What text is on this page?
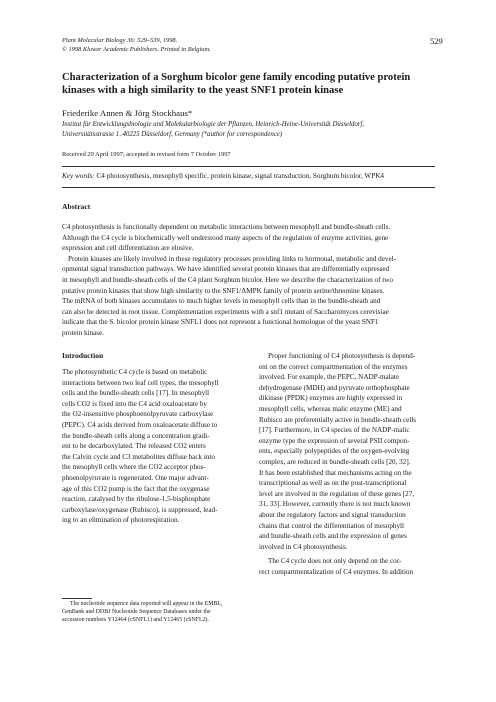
Plant Molecular Biology 36: 529–539, 1998.
© 1998 Kluwer Academic Publishers. Printed in Belgium.
529
Characterization of a Sorghum bicolor gene family encoding putative protein
kinases with a high similarity to the yeast SNF1 protein kinase
Friederike Annen & Jörg Stockhaus*
Institut für Entwicklungsbiologie und Molekularbiologie der Pflanzen, Heinrich-Heine-Universität Düsseldorf,
Universitätsstrasse 1, 40225 Düsseldorf, Germany (*author for correspondence)
Received 29 April 1997; accepted in revised form 7 October 1997
Key words: C4 photosynthesis, mesophyll specific, protein kinase, signal transduction, Sorghum bicolor, WPK4
Abstract
C4 photosynthesis is functionally dependent on metabolic interactions between mesophyll and bundle-sheath cells.
Although the C4 cycle is biochemically well understood many aspects of the regulation of enzyme activities, gene
expression and cell differentiation are elusive.
Protein kinases are likely involved in these regulatory processes providing links to hormonal, metabolic and devel-
opmental signal transduction pathways. We have identified several protein kinases that are differentially expressed
in mesophyll and bundle-sheath cells of the C4 plant Sorghum bicolor. Here we describe the characterization of two
putative protein kinases that show high similarity to the SNF1/AMPK family of protein serine/threonine kinases.
The mRNA of both kinases accumulates to much higher levels in mesophyll cells than in the bundle-sheath and
can also be detected in root tissue. Complementation experiments with a snf1 mutant of Saccharomyces cerevisiae
indicate that the S. bicolor protein kinase SNFL1 does not represent a functional homologue of the yeast SNF1
protein kinase.
Introduction
The photosynthetic C4 cycle is based on metabolic
interactions between two leaf cell types, the mesophyll
cells and the bundle-sheath cells [17]. In mesophyll
cells CO2 is fixed into the C4 acid oxaloacetate by
the O2-insensitive phosphoenolpyruvate carboxylase
(PEPC). C4 acids derived from oxaloacetate diffuse to
the bundle-sheath cells along a concentration gradi-
ent to be decarboxylated. The released CO2 enters
the Calvin cycle and C3 metabolites diffuse back into
the mesophyll cells where the CO2 acceptor phos-
phoenolpyruvate is regenerated. One major advant-
age of this CO2 pump is the fact that the oxygenase
reaction, catalysed by the ribulose-1,5-bisphosphate
carboxylase/oxygenase (Rubisco), is suppressed, lead-
ing to an elimination of photorespiration.
The nucleotide sequence data reported will appear in the EMBL,
GenBank and DDBJ Nucleotide Sequence Databases under the
accession numbers Y12464 (cSNFL1) and Y12465 (cSNFL2).
Proper functioning of C4 photosynthesis is depend-
ent on the correct compartmentation of the enzymes
involved. For example, the PEPC, NADP-malate
dehydrogenase (MDH) and pyruvate orthophosphate
dikinase (PPDK) enzymes are highly expressed in
mesophyll cells, whereas malic enzyme (ME) and
Rubisco are preferentially active in bundle-sheath cells
[17]. Furthermore, in C4 species of the NADP-malic
enzyme type the expression of several PSII compon-
ents, especially polypeptides of the oxygen-evolving
complex, are reduced in bundle-sheath cells [20, 32].
It has been established that mechanisms acting on the
transcriptional as well as on the post-transcriptional
level are involved in the regulation of these genes [27,
31, 33]. However, currently there is not much known
about the regulatory factors and signal transduction
chains that control the differentiation of mesophyll
and bundle-sheath cells and the expression of genes
involved in C4 photosynthesis.
The C4 cycle does not only depend on the cor-
rect compartmentalization of C4 enzymes. In addition
